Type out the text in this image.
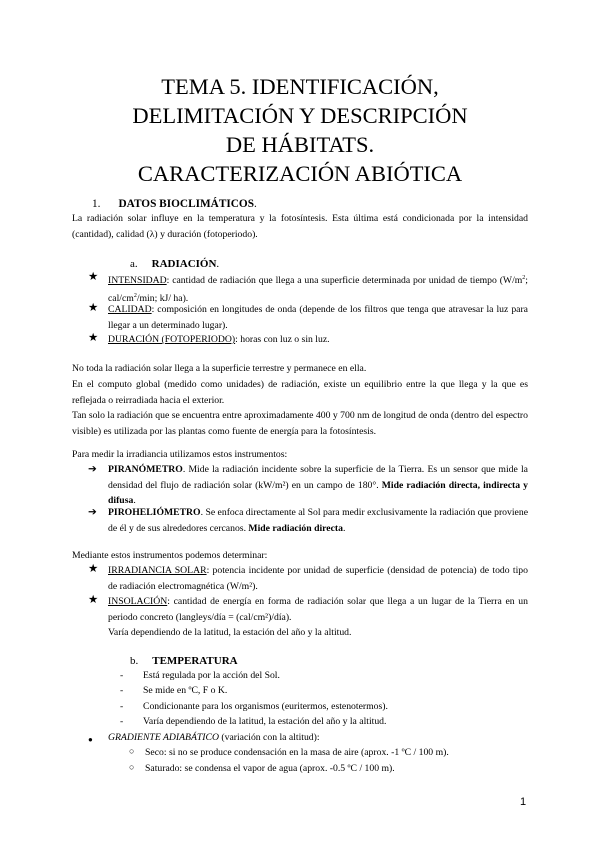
TEMA 5. IDENTIFICACIÓN,
DELIMITACIÓN Y DESCRIPCIÓN
DE HÁBITATS.
CARACTERIZACIÓN ABIÓTICA
1. DATOS BIOCLIMÁTICOS.
La radiación solar influye en la temperatura y la fotosíntesis. Esta última está condicionada por la intensidad (cantidad), calidad (λ) y duración (fotoperiodo).
a. RADIACIÓN.
★ INTENSIDAD: cantidad de radiación que llega a una superficie determinada por unidad de tiempo ($W/m^2$; cal/$cm^2/\min$; kJ/ ha).
★ CALIDAD: composición en longitudes de onda (depende de los filtros que tenga que atravesar la luz para llegar a un determinado lugar).
★ DURACIÓN (FOTOPERIODO): horas con luz o sin luz.
No toda la radiación solar llega a la superficie terrestre y permanece en ella.
En el computo global (medido como unidades) de radiación, existe un equilibrio entre la que llega y la que es reflejada o reirradiada hacia el exterior.
Tan solo la radiación que se encuentra entre aproximadamente 400 y 700 nm de longitud de onda (dentro del espectro visible) es utilizada por las plantas como fuente de energía para la fotosíntesis.
Para medir la irradiancia utilizamos estos instrumentos:
➔	PIRANÓMETRO. Mide la radiación incidente sobre la superficie de la Tierra. Es un sensor que mide la densidad del flujo de radiación solar (kW/m²) en un campo de 180°. Mide radiación directa, indirecta y difusa.
➔	PIROHELIÓMETRO. Se enfoca directamente al Sol para medir exclusivamente la radiación que proviene de él y de sus alrededores cercanos. Mide radiación directa.
Mediante estos instrumentos podemos determinar:
★ IRRADIANCIA SOLAR: potencia incidente por unidad de superficie (densidad de potencia) de todo tipo de radiación electromagnética (W/m²).
★ INSOLACIÓN: cantidad de energía en forma de radiación solar que llega a un lugar de la Tierra en un periodo concreto (langleys/día = (cal/cm²)/día).
Varía dependiendo de la latitud, la estación del año y la altitud.
b. TEMPERATURA
- Está regulada por la acción del Sol.
- Se mide en ºC, F o K.
- Condicionante para los organismos (euritermos, estenotermos).
- Varía dependiendo de la latitud, la estación del año y la altitud.
●	GRADIENTE ADIABÁTICO (variación con la altitud):
○ Seco: si no se produce condensación en la masa de aire (aprox. -1 ºC / 100 m).
○ Saturado: se condensa el vapor de agua (aprox. -0.5 ºC / 100 m).
1
